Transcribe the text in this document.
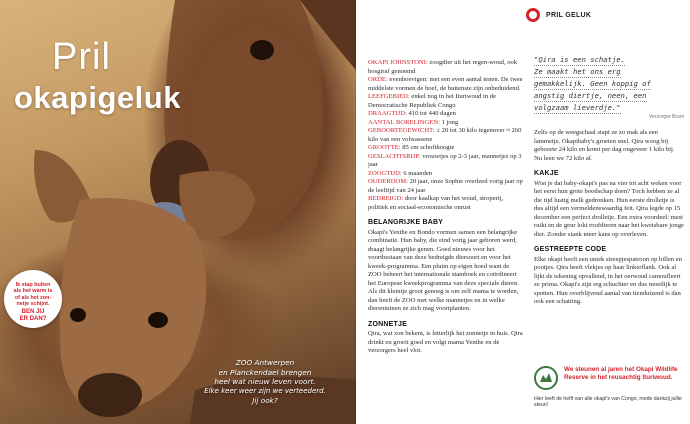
Pril
okapigeluk
Ik stap buiten
als het warm is
of als het zon-
netje schijnt.
BEN JIJ
ER DAN?
ZOO Antwerpen
en Planckendael brengen
heel wat nieuw leven voort.
Elke keer weer zijn we verteederd.
Jij ook?
PRIL GELUK
OKAPI JOHNSTONI: zoogdier uit het regen-woud, ook bosgiraf genoemd
ORDE: evenhoevigen: met een even aantal tenen. De twee middelste vormen de hoef, de buitenste zijn onbeduidend.
LEEFGEBIED: enkel nog in het Ituriwoud in de Democratische Republiek Congo
DRAAGTIJD: 410 tot 440 dagen
AANTAL BORELINGEN: 1 jong
GEBOORTEGEWICHT: ± 20 tot 30 kilo tegenover ≈ 260 kilo van een volwassene
GROOTTE: 85 cm schofthoogte
GESLACHTSRIJP: vrouwtjes op 2-3 jaar, mannetjes op 3 jaar
ZOOGTIJD: 6 maanden
OUDERDOM: 20 jaar, onze Sophie overleed vorig jaar op de leeftijd van 24 jaar
BEDREIGD: door kaalkap van het woud, stroperij, politiek en sociaal-economische onrust
BELANGRIJKE BABY

Okapi's Yenthe en Bondo vormen samen een belangrijke combinatie. Hun baby, die eind vorig jaar geboren werd, draagt belangrijke genen. Goed nieuws voor het voortbestaan van deze bedreigde diersoort en voor het kweek-programma. Een pluim op eigen hoed want de ZOO beheert het internationale stamboek en coördineert het Europese kweekprogramma van deze speciale dieren. Als dit kleintje groot genoeg is om zelf mama te worden, dan heeft de ZOO met welke mannetjes en in welke dierentuinen ze zich mag voortplanten.

ZONNETJE

Qira, wat zon bekent, is letterlijk het zonnetje in huis. Qira drinkt en groeit goed en volgt mama Yenthe en de verzorgers heel vlot.

"Qira is een schatje.
Ze maakt het ons erg
gemakkelijk. Geen koppig of
angstig diertje, neen, een
volgzaam lieverdje."
Verzorger Bram

Zelfs op de weegschaal stapt ze zo mak als een lammetje. Okapibaby's groeien snel. Qira woog bij geboorte 24 kilo en komt per dag ongeveer 1 kilo bij. Nu leen we 72 kilo af.

KAKJE

Wist je dat baby-okapi's pas na vier tot acht weken voor het eerst hun grote boodschap doen? Toch hebben ze al die tijd lustig melk gedronken. Hun eerste drolletje is dus altijd een vermeldenswaardig feit. Qira legde op 15 december een perfect drolletje. Een extra voordeel: mest ruikt en de geur lokt roofdieren naar het kwetsbare jonge dier. Zonder stank meer kans op overleven.

GESTREEPTE CODE

Elke okapi heeft een uniek streepjespatroon op billen en pootjes. Qira heeft vlekjes op haar linkerflank. Ook al lijkt de tekening opvallend, in het oerwoud camoufleert ze prima. Okapi's zijn erg schuchter en dus moeilijk te spotten. Hun overblijvend aantal van tienduizend is dan ook een schatting.

We steunen al jaren het Okapi Wildlife Reserve in het reusachtig Ituriwoud.
Hier leeft de helft van alle okapi's van Congo, mede dankzij jullie steun!
